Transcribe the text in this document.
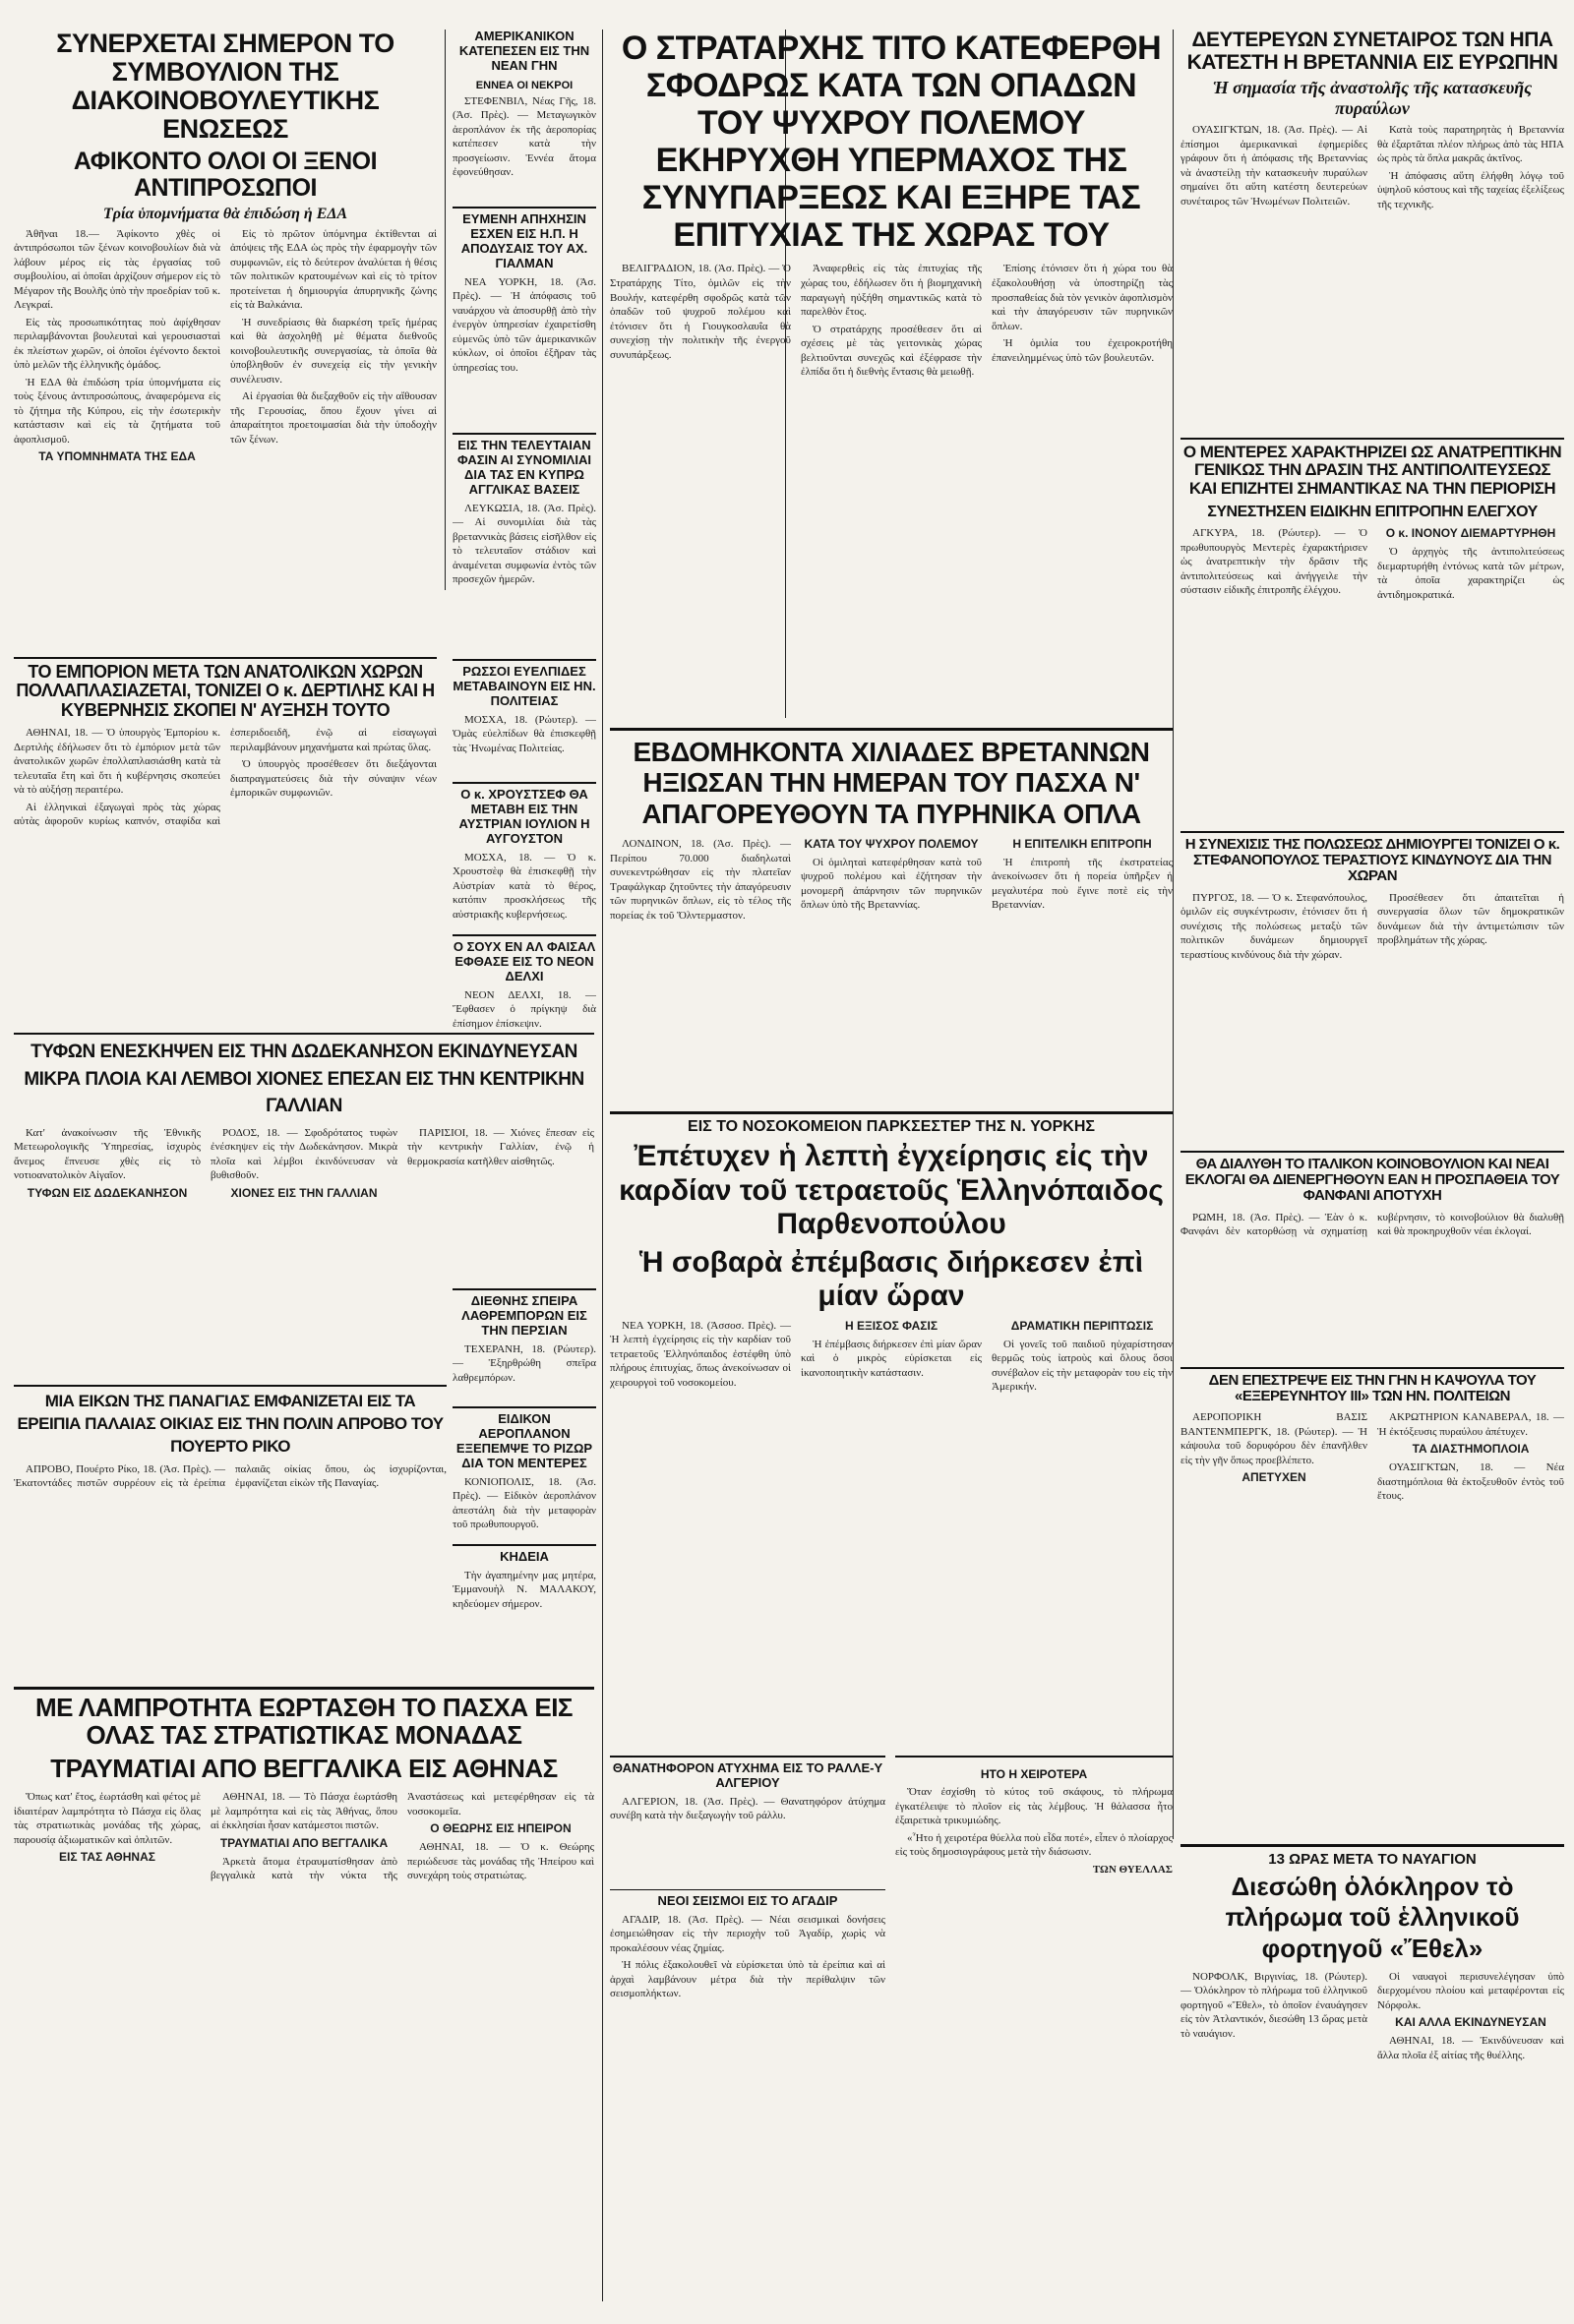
ΣΥΝΕΡΧΕΤΑΙ ΣΗΜΕΡΟΝ ΤΟ ΣΥΜΒΟΥΛΙΟΝ ΤΗΣ ΔΙΑΚΟΙΝΟΒΟΥΛΕΥΤΙΚΗΣ ΕΝΩΣΕΩΣ
ΑΦΙΚΟΝΤΟ ΟΛΟΙ ΟΙ ΞΕΝΟΙ ΑΝΤΙΠΡΟΣΩΠΟΙ
Τρία ὑπομνήματα θὰ ἐπιδώση ἡ ΕΔΑ

Ἀθῆναι 18.— Ἀφίκοντο χθὲς οἱ ἀντιπρόσωποι τῶν ξένων κοινοβουλίων διὰ νὰ λάβουν μέρος εἰς τὰς ἐργασίας τοῦ συμβουλίου, αἱ ὁποῖαι ἀρχίζουν σήμερον εἰς τὸ Μέγαρον τῆς Βουλῆς ὑπὸ τὴν προεδρίαν τοῦ κ. Λεγκραί.

Εἰς τὰς προσωπικότητας ποὺ ἀφίχθησαν περιλαμβάνονται βουλευταὶ καὶ γερουσιασταὶ ἐκ πλείστων χωρῶν, οἱ ὁποῖοι ἐγένοντο δεκτοὶ ὑπὸ μελῶν τῆς ἑλληνικῆς ὁμάδος.

Ἡ ΕΔΑ θὰ ἐπιδώση τρία ὑπομνήματα εἰς τοὺς ξένους ἀντιπροσώπους, ἀναφερόμενα εἰς τὸ ζήτημα τῆς Κύπρου, εἰς τὴν ἐσωτερικὴν κατάστασιν καὶ εἰς τὰ ζητήματα τοῦ ἀφοπλισμοῦ.

ΤΑ ΥΠΟΜΝΗΜΑΤΑ ΤΗΣ ΕΔΑ

Εἰς τὸ πρῶτον ὑπόμνημα ἐκτίθενται αἱ ἀπόψεις τῆς ΕΔΑ ὡς πρὸς τὴν ἐφαρμογὴν τῶν συμφωνιῶν, εἰς τὸ δεύτερον ἀναλύεται ἡ θέσις τῶν πολιτικῶν κρατουμένων καὶ εἰς τὸ τρίτον προτείνεται ἡ δημιουργία ἀπυρηνικῆς ζώνης εἰς τὰ Βαλκάνια.

Ἡ συνεδρίασις θὰ διαρκέση τρεῖς ἡμέρας καὶ θὰ ἀσχοληθῇ μὲ θέματα διεθνοῦς κοινοβουλευτικῆς συνεργασίας, τὰ ὁποῖα θὰ ὑποβληθοῦν ἐν συνεχείᾳ εἰς τὴν γενικὴν συνέλευσιν.

Αἱ ἐργασίαι θὰ διεξαχθοῦν εἰς τὴν αἴθουσαν τῆς Γερουσίας, ὅπου ἔχουν γίνει αἱ ἀπαραίτητοι προετοιμασίαι διὰ τὴν ὑποδοχὴν τῶν ξένων.

ΑΜΕΡΙΚΑΝΙΚΟΝ ΚΑΤΕΠΕΣΕΝ ΕΙΣ ΤΗΝ ΝΕΑΝ ΓΗΝ
ΕΝΝΕΑ ΟΙ ΝΕΚΡΟΙ

ΣΤΕΦΕΝΒΙΛ, Νέας Γῆς, 18. (Ἀσ. Πρὲς). — Μεταγωγικὸν ἀεροπλάνον ἐκ τῆς ἀεροπορίας κατέπεσεν κατὰ τὴν προσγείωσιν. Ἐννέα ἄτομα ἐφονεύθησαν.

ΕΥΜΕΝΗ ΑΠΗΧΗΣΙΝ ΕΣΧΕΝ ΕΙΣ Η.Π. Η ΑΠΟΔΥΣΑΙΣ ΤΟΥ ΑΧ. ΓΙΑΛΜΑΝ

ΝΕΑ ΥΟΡΚΗ, 18. (Ἀσ. Πρὲς). — Ἡ ἀπόφασις τοῦ ναυάρχου νὰ ἀποσυρθῇ ἀπὸ τὴν ἐνεργὸν ὑπηρεσίαν ἐχαιρετίσθη εὐμενῶς ὑπὸ τῶν ἀμερικανικῶν κύκλων, οἱ ὁποῖοι ἐξῆραν τὰς ὑπηρεσίας του.

ΕΙΣ ΤΗΝ ΤΕΛΕΥΤΑΙΑΝ ΦΑΣΙΝ ΑΙ ΣΥΝΟΜΙΛΙΑΙ ΔΙΑ ΤΑΣ ΕΝ ΚΥΠΡΩ ΑΓΓΛΙΚΑΣ ΒΑΣΕΙΣ

ΛΕΥΚΩΣΙΑ, 18. (Ἀσ. Πρὲς). — Αἱ συνομιλίαι διὰ τὰς βρεταννικὰς βάσεις εἰσῆλθον εἰς τὸ τελευταῖον στάδιον καὶ ἀναμένεται συμφωνία ἐντὸς τῶν προσεχῶν ἡμερῶν.

Ο ΣΤΡΑΤΑΡΧΗΣ ΤΙΤΟ ΚΑΤΕΦΕΡΘΗ ΣΦΟΔΡΩΣ ΚΑΤΑ ΤΩΝ ΟΠΑΔΩΝ ΤΟΥ ΨΥΧΡΟΥ ΠΟΛΕΜΟΥ ΕΚΗΡΥΧΘΗ ΥΠΕΡΜΑΧΟΣ ΤΗΣ ΣΥΝΥΠΑΡΞΕΩΣ ΚΑΙ ΕΞΗΡΕ ΤΑΣ ΕΠΙΤΥΧΙΑΣ ΤΗΣ ΧΩΡΑΣ ΤΟΥ

ΒΕΛΙΓΡΑΔΙΟΝ, 18. (Ἀσ. Πρὲς). — Ὁ Στρατάρχης Τίτο, ὁμιλῶν εἰς τὴν Βουλήν, κατεφέρθη σφοδρῶς κατὰ τῶν ὀπαδῶν τοῦ ψυχροῦ πολέμου καὶ ἐτόνισεν ὅτι ἡ Γιουγκοσλαυΐα θὰ συνεχίσῃ τὴν πολιτικὴν τῆς ἐνεργοῦ συνυπάρξεως.

Ἀναφερθεὶς εἰς τὰς ἐπιτυχίας τῆς χώρας του, ἐδήλωσεν ὅτι ἡ βιομηχανικὴ παραγωγὴ ηὐξήθη σημαντικῶς κατὰ τὸ παρελθὸν ἔτος.

Ὁ στρατάρχης προσέθεσεν ὅτι αἱ σχέσεις μὲ τὰς γειτονικὰς χώρας βελτιοῦνται συνεχῶς καὶ ἐξέφρασε τὴν ἐλπίδα ὅτι ἡ διεθνὴς ἔντασις θὰ μειωθῇ.

Ἐπίσης ἐτόνισεν ὅτι ἡ χώρα του θὰ ἐξακολουθήσῃ νὰ ὑποστηρίζῃ τὰς προσπαθείας διὰ τὸν γενικὸν ἀφοπλισμὸν καὶ τὴν ἀπαγόρευσιν τῶν πυρηνικῶν ὅπλων.

Ἡ ὁμιλία του ἐχειροκροτήθη ἐπανειλημμένως ὑπὸ τῶν βουλευτῶν.

ΔΕΥΤΕΡΕΥΩΝ ΣΥΝΕΤΑΙΡΟΣ ΤΩΝ ΗΠΑ ΚΑΤΕΣΤΗ Η ΒΡΕΤΑΝΝΙΑ ΕΙΣ ΕΥΡΩΠΗΝ
Ἡ σημασία τῆς ἀναστολῆς τῆς κατασκευῆς πυραύλων

ΟΥΑΣΙΓΚΤΩΝ, 18. (Ἀσ. Πρὲς). — Αἱ ἐπίσημοι ἀμερικανικαὶ ἐφημερίδες γράφουν ὅτι ἡ ἀπόφασις τῆς Βρεταννίας νὰ ἀναστείλῃ τὴν κατασκευὴν πυραύλων σημαίνει ὅτι αὕτη κατέστη δευτερεύων συνέταιρος τῶν Ἡνωμένων Πολιτειῶν.

Κατὰ τοὺς παρατηρητὰς ἡ Βρεταννία θὰ ἐξαρτᾶται πλέον πλήρως ἀπὸ τὰς ΗΠΑ ὡς πρὸς τὰ ὅπλα μακρᾶς ἀκτῖνος.

Ἡ ἀπόφασις αὕτη ἐλήφθη λόγῳ τοῦ ὑψηλοῦ κόστους καὶ τῆς ταχείας ἐξελίξεως τῆς τεχνικῆς.

Ο ΜΕΝΤΕΡΕΣ ΧΑΡΑΚΤΗΡΙΖΕΙ ΩΣ ΑΝΑΤΡΕΠΤΙΚΗΝ ΓΕΝΙΚΩΣ ΤΗΝ ΔΡΑΣΙΝ ΤΗΣ ΑΝΤΙΠΟΛΙΤΕΥΣΕΩΣ ΚΑΙ ΕΠΙΖΗΤΕΙ ΣΗΜΑΝΤΙΚΑΣ ΝΑ ΤΗΝ ΠΕΡΙΟΡΙΣΗ
ΣΥΝΕΣΤΗΣΕΝ ΕΙΔΙΚΗΝ ΕΠΙΤΡΟΠΗΝ ΕΛΕΓΧΟΥ

ΑΓΚΥΡΑ, 18. (Ρώυτερ). — Ὁ πρωθυπουργὸς Μεντερὲς ἐχαρακτήρισεν ὡς ἀνατρεπτικὴν τὴν δρᾶσιν τῆς ἀντιπολιτεύσεως καὶ ἀνήγγειλε τὴν σύστασιν εἰδικῆς ἐπιτροπῆς ἐλέγχου.

Ο κ. ΙΝΟΝΟΥ ΔΙΕΜΑΡΤΥΡΗΘΗ

Ὁ ἀρχηγὸς τῆς ἀντιπολιτεύσεως διεμαρτυρήθη ἐντόνως κατὰ τῶν μέτρων, τὰ ὁποῖα χαρακτηρίζει ὡς ἀντιδημοκρατικά.

ΡΩΣΣΟΙ ΕΥΕΛΠΙΔΕΣ ΜΕΤΑΒΑΙΝΟΥΝ ΕΙΣ ΗΝ. ΠΟΛΙΤΕΙΑΣ

ΜΟΣΧΑ, 18. (Ρώυτερ). — Ὁμὰς εὐελπίδων θὰ ἐπισκεφθῇ τὰς Ἡνωμένας Πολιτείας.

Ο κ. ΧΡΟΥΣΤΣΕΦ ΘΑ ΜΕΤΑΒΗ ΕΙΣ ΤΗΝ ΑΥΣΤΡΙΑΝ ΙΟΥΛΙΟΝ Η ΑΥΓΟΥΣΤΟΝ

ΜΟΣΧΑ, 18. — Ὁ κ. Χρουστσὲφ θὰ ἐπισκεφθῇ τὴν Αὐστρίαν κατὰ τὸ θέρος, κατόπιν προσκλήσεως τῆς αὐστριακῆς κυβερνήσεως.

Ο ΣΟΥΧ ΕΝ ΑΛ ΦΑΙΣΑΛ ΕΦΘΑΣΕ ΕΙΣ ΤΟ ΝΕΟΝ ΔΕΛΧΙ

ΝΕΟΝ ΔΕΛΧΙ, 18. — Ἔφθασεν ὁ πρίγκηψ διὰ ἐπίσημον ἐπίσκεψιν.

ΤΟ ΕΜΠΟΡΙΟΝ ΜΕΤΑ ΤΩΝ ΑΝΑΤΟΛΙΚΩΝ ΧΩΡΩΝ ΠΟΛΛΑΠΛΑΣΙΑΖΕΤΑΙ, ΤΟΝΙΖΕΙ Ο κ. ΔΕΡΤΙΛΗΣ ΚΑΙ Η ΚΥΒΕΡΝΗΣΙΣ ΣΚΟΠΕΙ Ν' ΑΥΞΗΣΗ ΤΟΥΤΟ

ΑΘΗΝΑΙ, 18. — Ὁ ὑπουργὸς Ἐμπορίου κ. Δερτιλὴς ἐδήλωσεν ὅτι τὸ ἐμπόριον μετὰ τῶν ἀνατολικῶν χωρῶν ἐπολλαπλασιάσθη κατὰ τὰ τελευταῖα ἔτη καὶ ὅτι ἡ κυβέρνησις σκοπεύει νὰ τὸ αὐξήσῃ περαιτέρω.

Αἱ ἑλληνικαὶ ἐξαγωγαὶ πρὸς τὰς χώρας αὐτὰς ἀφοροῦν κυρίως καπνόν, σταφίδα καὶ ἐσπεριδοειδῆ, ἐνῷ αἱ εἰσαγωγαὶ περιλαμβάνουν μηχανήματα καὶ πρώτας ὕλας.

Ὁ ὑπουργὸς προσέθεσεν ὅτι διεξάγονται διαπραγματεύσεις διὰ τὴν σύναψιν νέων ἐμπορικῶν συμφωνιῶν.

ΤΥΦΩΝ ΕΝΕΣΚΗΨΕΝ ΕΙΣ ΤΗΝ ΔΩΔΕΚΑΝΗΣΟΝ ΕΚΙΝΔΥΝΕΥΣΑΝ ΜΙΚΡΑ ΠΛΟΙΑ ΚΑΙ ΛΕΜΒΟΙ ΧΙΟΝΕΣ ΕΠΕΣΑΝ ΕΙΣ ΤΗΝ ΚΕΝΤΡΙΚΗΝ ΓΑΛΛΙΑΝ

Κατ' ἀνακοίνωσιν τῆς Ἐθνικῆς Μετεωρολογικῆς Ὑπηρεσίας, ἰσχυρὸς ἄνεμος ἔπνευσε χθὲς εἰς τὸ νοτιοανατολικὸν Αἰγαῖον.

ΤΥΦΩΝ ΕΙΣ ΔΩΔΕΚΑΝΗΣΟΝ

ΡΟΔΟΣ, 18. — Σφοδρότατος τυφὼν ἐνέσκηψεν εἰς τὴν Δωδεκάνησον. Μικρὰ πλοῖα καὶ λέμβοι ἐκινδύνευσαν νὰ βυθισθοῦν.

ΧΙΟΝΕΣ ΕΙΣ ΤΗΝ ΓΑΛΛΙΑΝ

ΠΑΡΙΣΙΟΙ, 18. — Χιόνες ἔπεσαν εἰς τὴν κεντρικὴν Γαλλίαν, ἐνῷ ἡ θερμοκρασία κατῆλθεν αἰσθητῶς.

ΔΙΕΘΝΗΣ ΣΠΕΙΡΑ ΛΑΘΡΕΜΠΟΡΩΝ ΕΙΣ ΤΗΝ ΠΕΡΣΙΑΝ

ΤΕΧΕΡΑΝΗ, 18. (Ρώυτερ). — Ἐξηρθρώθη σπεῖρα λαθρεμπόρων.

ΕΙΔΙΚΟΝ ΑΕΡΟΠΛΑΝΟΝ ΕΞΕΠΕΜΨΕ ΤΟ ΡΙΖΩΡ ΔΙΑ ΤΟΝ ΜΕΝΤΕΡΕΣ

ΚΟΝΙΟΠΟΛΙΣ, 18. (Ἀσ. Πρὲς). — Εἰδικὸν ἀεροπλάνον ἀπεστάλη διὰ τὴν μεταφορὰν τοῦ πρωθυπουργοῦ.

ΚΗΔΕΙΑ

Τὴν ἀγαπημένην μας μητέρα, Ἐμμανουὴλ Ν. ΜΑΛΑΚΟΥ, κηδεύομεν σήμερον.

ΜΙΑ ΕΙΚΩΝ ΤΗΣ ΠΑΝΑΓΙΑΣ ΕΜΦΑΝΙΖΕΤΑΙ ΕΙΣ ΤΑ ΕΡΕΙΠΙΑ ΠΑΛΑΙΑΣ ΟΙΚΙΑΣ ΕΙΣ ΤΗΝ ΠΟΛΙΝ ΑΠΡΟΒΟ ΤΟΥ ΠΟΥΕΡΤΟ ΡΙΚΟ

ΑΠΡΟΒΟ, Πουέρτο Ρίκο, 18. (Ἀσ. Πρὲς). — Ἑκατοντάδες πιστῶν συρρέουν εἰς τὰ ἐρείπια παλαιᾶς οἰκίας ὅπου, ὡς ἰσχυρίζονται, ἐμφανίζεται εἰκὼν τῆς Παναγίας.

ΕΒΔΟΜΗΚΟΝΤΑ ΧΙΛΙΑΔΕΣ ΒΡΕΤΑΝΝΩΝ ΗΞΙΩΣΑΝ ΤΗΝ ΗΜΕΡΑΝ ΤΟΥ ΠΑΣΧΑ Ν' ΑΠΑΓΟΡΕΥΘΟΥΝ ΤΑ ΠΥΡΗΝΙΚΑ ΟΠΛΑ

ΛΟΝΔΙΝΟΝ, 18. (Ἀσ. Πρὲς). — Περίπου 70.000 διαδηλωταὶ συνεκεντρώθησαν εἰς τὴν πλατεῖαν Τραφάλγκαρ ζητοῦντες τὴν ἀπαγόρευσιν τῶν πυρηνικῶν ὅπλων, εἰς τὸ τέλος τῆς πορείας ἐκ τοῦ Ὄλντερμαστον.

ΚΑΤΑ ΤΟΥ ΨΥΧΡΟΥ ΠΟΛΕΜΟΥ

Οἱ ὁμιληταὶ κατεφέρθησαν κατὰ τοῦ ψυχροῦ πολέμου καὶ ἐζήτησαν τὴν μονομερῆ ἀπάρνησιν τῶν πυρηνικῶν ὅπλων ὑπὸ τῆς Βρεταννίας.

Η ΕΠΙΤΕΛΙΚΗ ΕΠΙΤΡΟΠΗ

Ἡ ἐπιτροπὴ τῆς ἐκστρατείας ἀνεκοίνωσεν ὅτι ἡ πορεία ὑπῆρξεν ἡ μεγαλυτέρα ποὺ ἔγινε ποτὲ εἰς τὴν Βρεταννίαν.

Η ΣΥΝΕΧΙΣΙΣ ΤΗΣ ΠΟΛΩΣΕΩΣ ΔΗΜΙΟΥΡΓΕΙ ΤΟΝΙΖΕΙ Ο κ. ΣΤΕΦΑΝΟΠΟΥΛΟΣ ΤΕΡΑΣΤΙΟΥΣ ΚΙΝΔΥΝΟΥΣ ΔΙΑ ΤΗΝ ΧΩΡΑΝ

ΠΥΡΓΟΣ, 18. — Ὁ κ. Στεφανόπουλος, ὁμιλῶν εἰς συγκέντρωσιν, ἐτόνισεν ὅτι ἡ συνέχισις τῆς πολώσεως μεταξὺ τῶν πολιτικῶν δυνάμεων δημιουργεῖ τεραστίους κινδύνους διὰ τὴν χώραν.

Προσέθεσεν ὅτι ἀπαιτεῖται ἡ συνεργασία ὅλων τῶν δημοκρατικῶν δυνάμεων διὰ τὴν ἀντιμετώπισιν τῶν προβλημάτων τῆς χώρας.

ΕΙΣ ΤΟ ΝΟΣΟΚΟΜΕΙΟΝ ΠΑΡΚΣΕΣΤΕΡ ΤΗΣ Ν. ΥΟΡΚΗΣ
Ἐπέτυχεν ἡ λεπτὴ ἐγχείρησις εἰς τὴν καρδίαν τοῦ τετραετοῦς Ἑλληνόπαιδος Παρθενοπούλου
Ἡ σοβαρὰ ἐπέμβασις διήρκεσεν ἐπὶ μίαν ὥραν

ΝΕΑ ΥΟΡΚΗ, 18. (Ἀσσοσ. Πρὲς). — Ἡ λεπτὴ ἐγχείρησις εἰς τὴν καρδίαν τοῦ τετραετοῦς Ἑλληνόπαιδος ἐστέφθη ὑπὸ πλήρους ἐπιτυχίας, ὅπως ἀνεκοίνωσαν οἱ χειρουργοὶ τοῦ νοσοκομείου.

Η ΕΞΙΣΟΣ ΦΑΣΙΣ

Ἡ ἐπέμβασις διήρκεσεν ἐπὶ μίαν ὥραν καὶ ὁ μικρὸς εὑρίσκεται εἰς ἱκανοποιητικὴν κατάστασιν.

ΔΡΑΜΑΤΙΚΗ ΠΕΡΙΠΤΩΣΙΣ

Οἱ γονεῖς τοῦ παιδιοῦ ηὐχαρίστησαν θερμῶς τοὺς ἰατροὺς καὶ ὅλους ὅσοι συνέβαλον εἰς τὴν μεταφορὰν του εἰς τὴν Ἀμερικήν.

ΘΑ ΔΙΑΛΥΘΗ ΤΟ ΙΤΑΛΙΚΟΝ ΚΟΙΝΟΒΟΥΛΙΟΝ ΚΑΙ ΝΕΑΙ ΕΚΛΟΓΑΙ ΘΑ ΔΙΕΝΕΡΓΗΘΟΥΝ ΕΑΝ Η ΠΡΟΣΠΑΘΕΙΑ ΤΟΥ ΦΑΝΦΑΝΙ ΑΠΟΤΥΧΗ

ΡΩΜΗ, 18. (Ἀσ. Πρὲς). — Ἐὰν ὁ κ. Φανφάνι δὲν κατορθώσῃ νὰ σχηματίσῃ κυβέρνησιν, τὸ κοινοβούλιον θὰ διαλυθῇ καὶ θὰ προκηρυχθοῦν νέαι ἐκλογαί.

ΔΕΝ ΕΠΕΣΤΡΕΨΕ ΕΙΣ ΤΗΝ ΓΗΝ Η ΚΑΨΟΥΛΑ ΤΟΥ «ΕΞΕΡΕΥΝΗΤΟΥ ΙΙΙ» ΤΩΝ ΗΝ. ΠΟΛΙΤΕΙΩΝ

ΑΕΡΟΠΟΡΙΚΗ ΒΑΣΙΣ ΒΑΝΤΕΝΜΠΕΡΓΚ, 18. (Ρώυτερ). — Ἡ κάψουλα τοῦ δορυφόρου δὲν ἐπανῆλθεν εἰς τὴν γῆν ὅπως προεβλέπετο.

ΑΠΕΤΥΧΕΝ

ΑΚΡΩΤΗΡΙΟΝ ΚΑΝΑΒΕΡΑΛ, 18. — Ἡ ἐκτόξευσις πυραύλου ἀπέτυχεν.

ΤΑ ΔΙΑΣΤΗΜΟΠΛΟΙΑ

ΟΥΑΣΙΓΚΤΩΝ, 18. — Νέα διαστημόπλοια θὰ ἐκτοξευθοῦν ἐντὸς τοῦ ἔτους.

ΜΕ ΛΑΜΠΡΟΤΗΤΑ ΕΩΡΤΑΣΘΗ ΤΟ ΠΑΣΧΑ ΕΙΣ ΟΛΑΣ ΤΑΣ ΣΤΡΑΤΙΩΤΙΚΑΣ ΜΟΝΑΔΑΣ
ΤΡΑΥΜΑΤΙΑΙ ΑΠΟ ΒΕΓΓΑΛΙΚΑ ΕΙΣ ΑΘΗΝΑΣ

Ὅπως κατ' ἔτος, ἑωρτάσθη καὶ φέτος μὲ ἰδιαιτέραν λαμπρότητα τὸ Πάσχα εἰς ὅλας τὰς στρατιωτικὰς μονάδας τῆς χώρας, παρουσίᾳ ἀξιωματικῶν καὶ ὁπλιτῶν.

ΕΙΣ ΤΑΣ ΑΘΗΝΑΣ

ΑΘΗΝΑΙ, 18. — Τὸ Πάσχα ἑωρτάσθη μὲ λαμπρότητα καὶ εἰς τὰς Ἀθήνας, ὅπου αἱ ἐκκλησίαι ἦσαν κατάμεστοι πιστῶν.

ΤΡΑΥΜΑΤΙΑΙ ΑΠΟ ΒΕΓΓΑΛΙΚΑ

Ἀρκετὰ ἄτομα ἐτραυματίσθησαν ἀπὸ βεγγαλικὰ κατὰ τὴν νύκτα τῆς Ἀναστάσεως καὶ μετεφέρθησαν εἰς τὰ νοσοκομεῖα.

Ο ΘΕΩΡΗΣ ΕΙΣ ΗΠΕΙΡΟΝ

ΑΘΗΝΑΙ, 18. — Ὁ κ. Θεώρης περιώδευσε τὰς μονάδας τῆς Ἠπείρου καὶ συνεχάρη τοὺς στρατιώτας.

ΘΑΝΑΤΗΦΟΡΟΝ ΑΤΥΧΗΜΑ ΕΙΣ ΤΟ ΡΑΛΛΕ-Υ ΑΛΓΕΡΙΟΥ

ΑΛΓΕΡΙΟΝ, 18. (Ἀσ. Πρὲς). — Θανατηφόρον ἀτύχημα συνέβη κατὰ τὴν διεξαγωγὴν τοῦ ράλλυ.

ΝΕΟΙ ΣΕΙΣΜΟΙ ΕΙΣ ΤΟ ΑΓΑΔΙΡ

ΑΓΑΔΙΡ, 18. (Ἀσ. Πρὲς). — Νέαι σεισμικαὶ δονήσεις ἐσημειώθησαν εἰς τὴν περιοχὴν τοῦ Ἀγαδίρ, χωρὶς νὰ προκαλέσουν νέας ζημίας.

Ἡ πόλις ἐξακολουθεῖ νὰ εὑρίσκεται ὑπὸ τὰ ἐρείπια καὶ αἱ ἀρχαὶ λαμβάνουν μέτρα διὰ τὴν περίθαλψιν τῶν σεισμοπλήκτων.

ΗΤΟ Η ΧΕΙΡΟΤΕΡΑ

Ὅταν ἐσχίσθη τὸ κύτος τοῦ σκάφους, τὸ πλήρωμα ἐγκατέλειψε τὸ πλοῖον εἰς τὰς λέμβους. Ἡ θάλασσα ἦτο ἐξαιρετικὰ τρικυμιώδης.

«Ἦτο ἡ χειροτέρα θύελλα ποὺ εἶδα ποτέ», εἶπεν ὁ πλοίαρχος εἰς τοὺς δημοσιογράφους μετὰ τὴν διάσωσιν.

ΤΩΝ ΘΥΕΛΛΑΣ

13 ΩΡΑΣ ΜΕΤΑ ΤΟ ΝΑΥΑΓΙΟΝ
Διεσώθη ὁλόκληρον τὸ πλήρωμα τοῦ ἑλληνικοῦ φορτηγοῦ «Ἔθελ»

ΝΟΡΦΟΛΚ, Βιργινίας, 18. (Ρώυτερ). — Ὁλόκληρον τὸ πλήρωμα τοῦ ἑλληνικοῦ φορτηγοῦ «Ἔθελ», τὸ ὁποῖον ἐναυάγησεν εἰς τὸν Ἀτλαντικόν, διεσώθη 13 ὥρας μετὰ τὸ ναυάγιον.

Οἱ ναυαγοὶ περισυνελέγησαν ὑπὸ διερχομένου πλοίου καὶ μεταφέρονται εἰς Νόρφολκ.

ΚΑΙ ΑΛΛΑ ΕΚΙΝΔΥΝΕΥΣΑΝ

ΑΘΗΝΑΙ, 18. — Ἐκινδύνευσαν καὶ ἄλλα πλοῖα ἐξ αἰτίας τῆς θυέλλης.
